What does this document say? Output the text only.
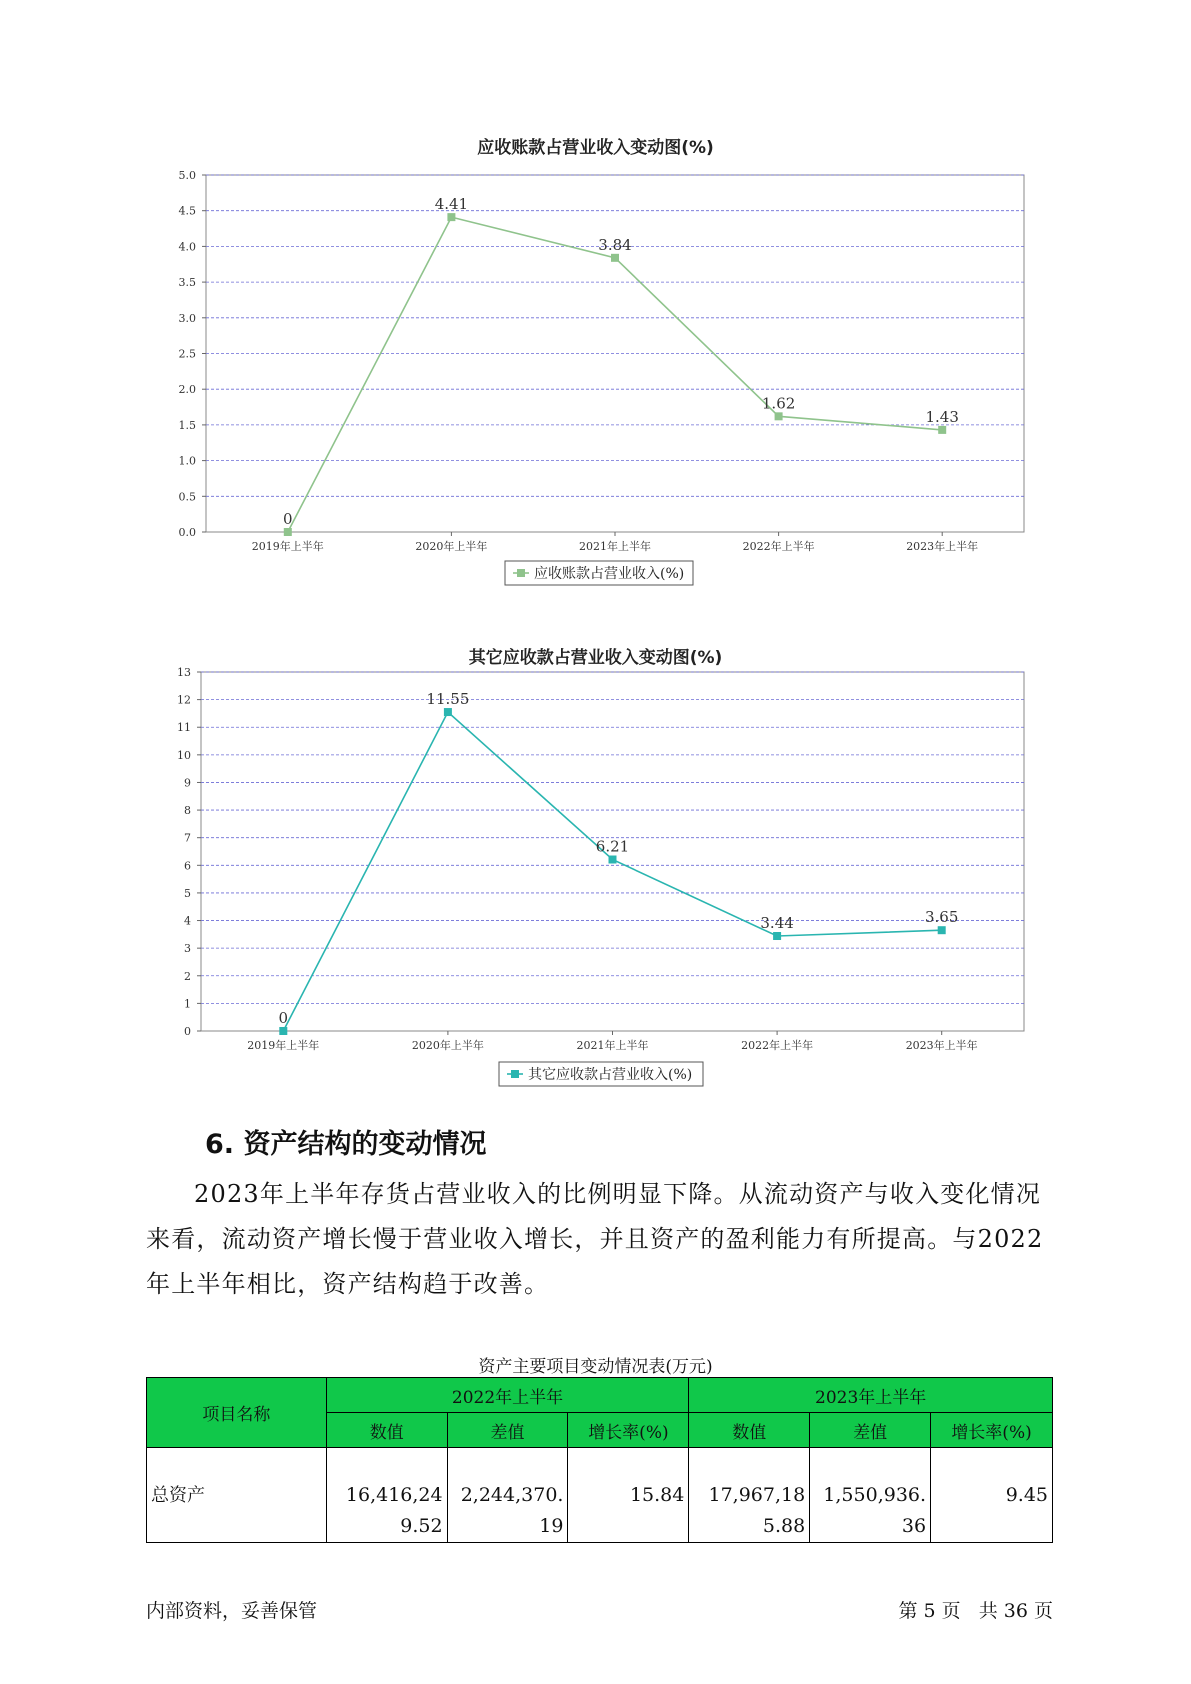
应收账款占营业收入变动图(%)
0.0
0.5
1.0
1.5
2.0
2.5
3.0
3.5
4.0
4.5
5.0
2019年上半年	2020年上半年	2021年上半年	2022年上半年	2023年上半年
0
4.41
3.84
1.62
1.43
应收账款占营业收入(%)
其它应收款占营业收入变动图(%)
0
1
2
3
4
5
6
7
8
9
10
11
12
13
2019年上半年	2020年上半年	2021年上半年	2022年上半年	2023年上半年
0
11.55
6.21
3.44	3.65
其它应收款占营业收入(%)
6. 资产结构的变动情况

2023年上半年存货占营业收入的比例明显下降。从流动资产与收入变化情况来看，流动资产增长慢于营业收入增长，并且资产的盈利能力有所提高。与2022年上半年相比，资产结构趋于改善。

资产主要项目变动情况表(万元)
项目名称	2022年上半年			2023年上半年		
	数值	差值	增长率(%)	数值	差值	增长率(%)
总资产	16,416,249.52	2,244,370.19	15.84	17,967,185.88	1,550,936.36	9.45
内部资料，妥善保管	第 5 页   共 36 页
